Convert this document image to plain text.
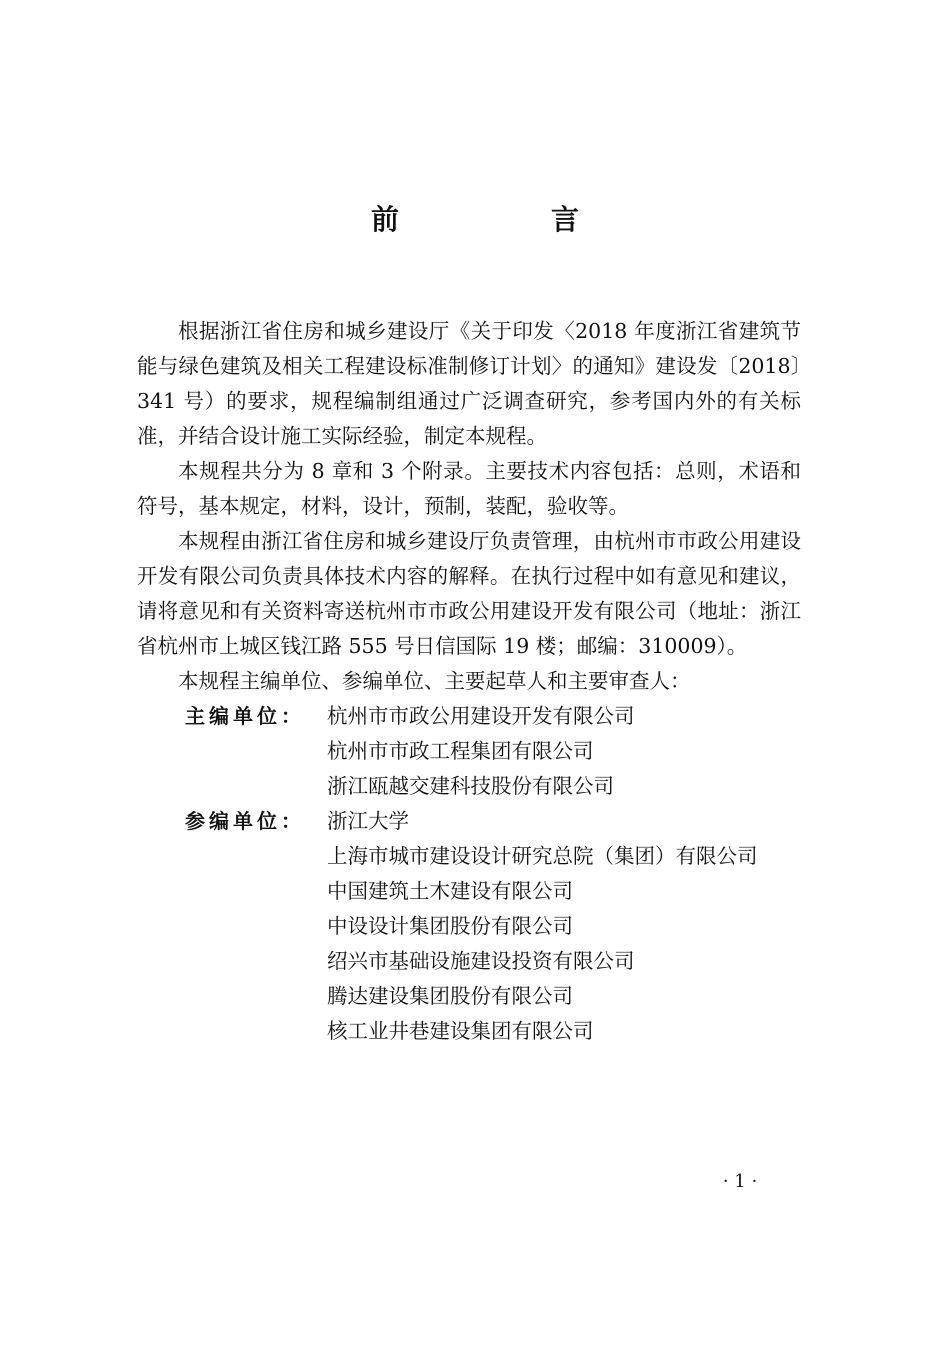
前　言

根据浙江省住房和城乡建设厅《关于印发〈2018 年度浙江省建筑节能与绿色建筑及相关工程建设标准制修订计划〉的通知》建设发〔2018〕341 号）的要求，规程编制组通过广泛调查研究，参考国内外的有关标准，并结合设计施工实际经验，制定本规程。

本规程共分为 8 章和 3 个附录。主要技术内容包括：总则，术语和符号，基本规定，材料，设计，预制，装配，验收等。

本规程由浙江省住房和城乡建设厅负责管理，由杭州市市政公用建设开发有限公司负责具体技术内容的解释。在执行过程中如有意见和建议，请将意见和有关资料寄送杭州市市政公用建设开发有限公司（地址：浙江省杭州市上城区钱江路 555 号日信国际 19 楼；邮编：310009）。

本规程主编单位、参编单位、主要起草人和主要审查人：

主编单位：	杭州市市政公用建设开发有限公司
杭州市市政工程集团有限公司
浙江瓯越交建科技股份有限公司
参编单位：	浙江大学
上海市城市建设设计研究总院（集团）有限公司
中国建筑土木建设有限公司
中设设计集团股份有限公司
绍兴市基础设施建设投资有限公司
腾达建设集团股份有限公司
核工业井巷建设集团有限公司
· 1 ·
